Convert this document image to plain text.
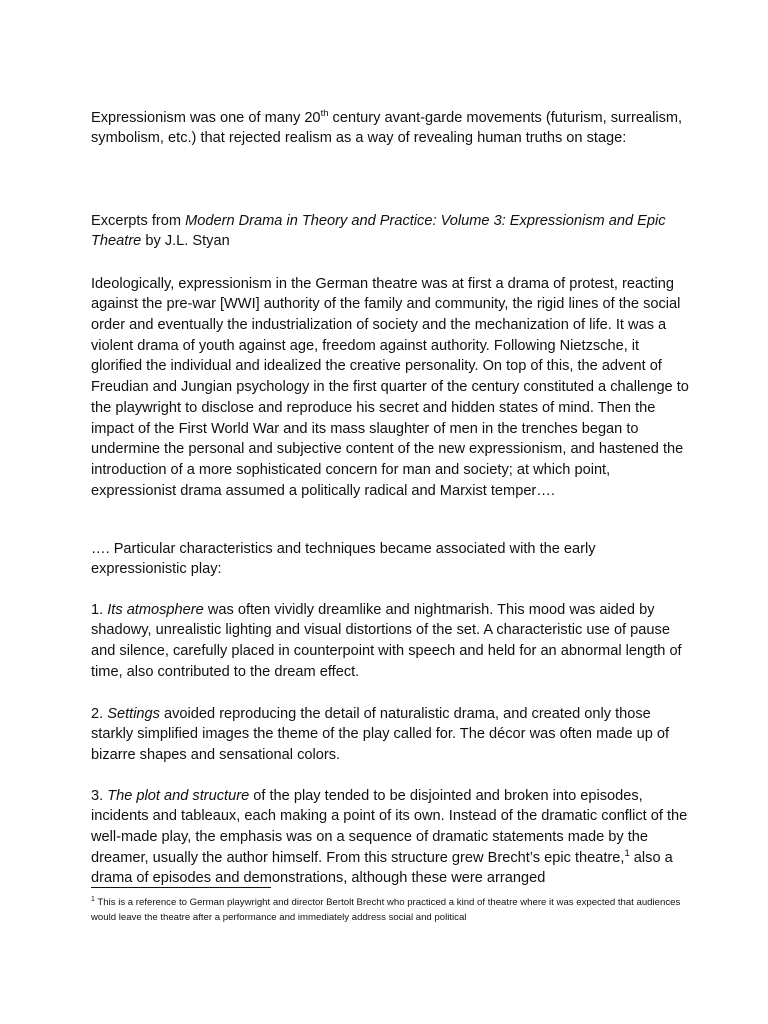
Expressionism was one of many 20th century avant-garde movements (futurism, surrealism, symbolism, etc.) that rejected realism as a way of revealing human truths on stage:

Excerpts from Modern Drama in Theory and Practice: Volume 3: Expressionism and Epic Theatre by J.L. Styan

Ideologically, expressionism in the German theatre was at first a drama of protest, reacting against the pre-war [WWI] authority of the family and community, the rigid lines of the social order and eventually the industrialization of society and the mechanization of life. It was a violent drama of youth against age, freedom against authority. Following Nietzsche, it glorified the individual and idealized the creative personality. On top of this, the advent of Freudian and Jungian psychology in the first quarter of the century constituted a challenge to the playwright to disclose and reproduce his secret and hidden states of mind. Then the impact of the First World War and its mass slaughter of men in the trenches began to undermine the personal and subjective content of the new expressionism, and hastened the introduction of a more sophisticated concern for man and society; at which point, expressionist drama assumed a politically radical and Marxist temper….

…. Particular characteristics and techniques became associated with the early expressionistic play:

1. Its atmosphere was often vividly dreamlike and nightmarish. This mood was aided by shadowy, unrealistic lighting and visual distortions of the set. A characteristic use of pause and silence, carefully placed in counterpoint with speech and held for an abnormal length of time, also contributed to the dream effect.

2. Settings avoided reproducing the detail of naturalistic drama, and created only those starkly simplified images the theme of the play called for. The décor was often made up of bizarre shapes and sensational colors.

3. The plot and structure of the play tended to be disjointed and broken into episodes, incidents and tableaux, each making a point of its own. Instead of the dramatic conflict of the well-made play, the emphasis was on a sequence of dramatic statements made by the dreamer, usually the author himself. From this structure grew Brecht’s epic theatre,$^1$ also a drama of episodes and demonstrations, although these were arranged

$^1$ This is a reference to German playwright and director Bertolt Brecht who practiced a kind of theatre where it was expected that audiences would leave the theatre after a performance and immediately address social and political
